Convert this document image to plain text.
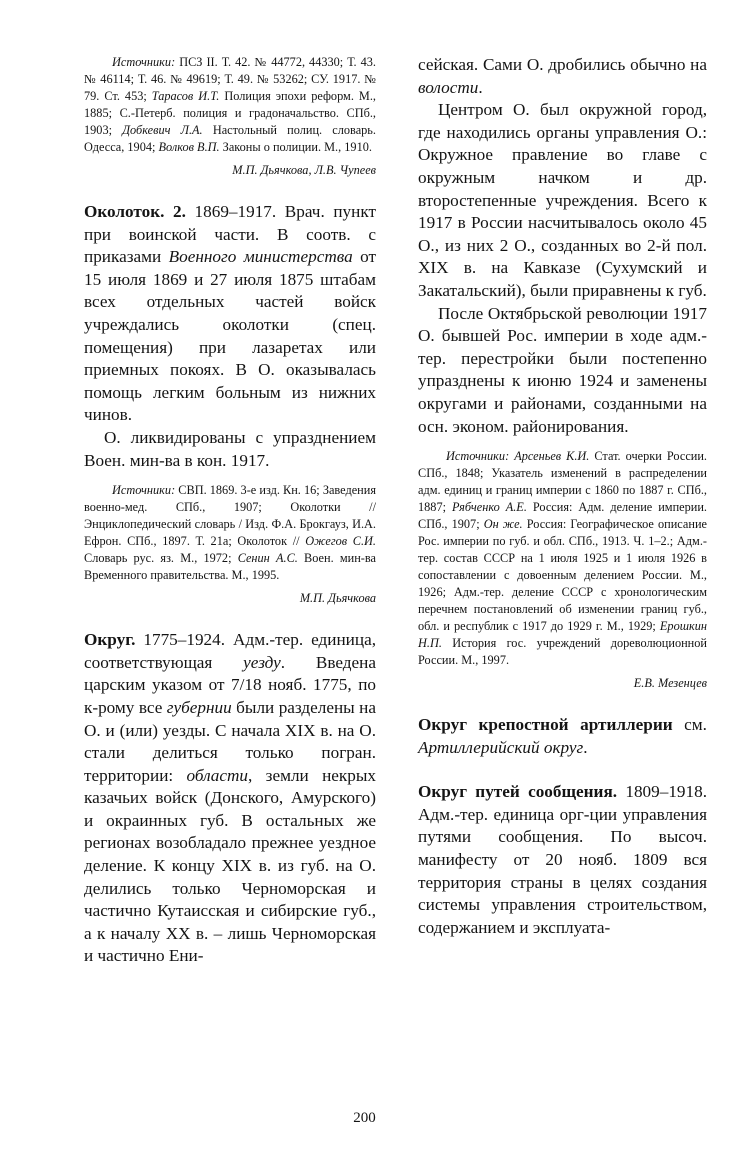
Источники: ПСЗ II. Т. 42. № 44772, 44330; Т. 43. № 46114; Т. 46. № 49619; Т. 49. № 53262; СУ. 1917. № 79. Ст. 453; Тарасов И.Т. Полиция эпохи реформ. М., 1885; С.-Петерб. полиция и градоначальство. СПб., 1903; Добкевич Л.А. Настольный полиц. словарь. Одесса, 1904; Волков В.П. Законы о полиции. М., 1910.

М.П. Дьячкова, Л.В. Чупеев

Околоток. 2. 1869–1917. Врач. пункт при воинской части. В соотв. с приказами Военного министерства от 15 июля 1869 и 27 июля 1875 штабам всех отдельных частей войск учреждались околотки (спец. помещения) при лазаретах или приемных покоях. В О. оказывалась помощь легким больным из нижних чинов.

О. ликвидированы с упразднением Воен. мин-ва в кон. 1917.

Источники: СВП. 1869. 3-е изд. Кн. 16; Заведения военно-мед. СПб., 1907; Околотки // Энциклопедический словарь / Изд. Ф.А. Брокгауз, И.А. Ефрон. СПб., 1897. Т. 21а; Околоток // Ожегов С.И. Словарь рус. яз. М., 1972; Сенин А.С. Воен. мин-ва Временного правительства. М., 1995.

М.П. Дьячкова

Округ. 1775–1924. Адм.-тер. единица, соответствующая уезду. Введена царским указом от 7/18 нояб. 1775, по к-рому все губернии были разделены на О. и (или) уезды. С начала XIX в. на О. стали делиться только погран. территории: области, земли некрых казачьих войск (Донского, Амурского) и окраинных губ. В остальных же регионах возобладало прежнее уездное деление. К концу XIX в. из губ. на О. делились только Черноморская и частично Кутаисская и сибирские губ., а к началу XX в. – лишь Черноморская и частично Ени-

сейская. Сами О. дробились обычно на волости.

Центром О. был окружной город, где находились органы управления О.: Окружное правление во главе с окружным начком и др. второстепенные учреждения. Всего к 1917 в России насчитывалось около 45 О., из них 2 О., созданных во 2-й пол. XIX в. на Кавказе (Сухумский и Закатальский), были приравнены к губ.

После Октябрьской революции 1917 О. бывшей Рос. империи в ходе адм.-тер. перестройки были постепенно упразднены к июню 1924 и заменены округами и районами, созданными на осн. эконом. районирования.

Источники: Арсеньев К.И. Стат. очерки России. СПб., 1848; Указатель изменений в распределении адм. единиц и границ империи с 1860 по 1887 г. СПб., 1887; Рябченко А.Е. Россия: Адм. деление империи. СПб., 1907; Он же. Россия: Географическое описание Рос. империи по губ. и обл. СПб., 1913. Ч. 1–2.; Адм.-тер. состав СССР на 1 июля 1925 и 1 июля 1926 в сопоставлении с довоенным делением России. М., 1926; Адм.-тер. деление СССР с хронологическим перечнем постановлений об изменении границ губ., обл. и республик с 1917 до 1929 г. М., 1929; Ерошкин Н.П. История гос. учреждений дореволюционной России. М., 1997.

Е.В. Мезенцев

Округ крепостной артиллерии см. Артиллерийский округ.

Округ путей сообщения. 1809–1918. Адм.-тер. единица орг-ции управления путями сообщения. По высоч. манифесту от 20 нояб. 1809 вся территория страны в целях создания системы управления строительством, содержанием и эксплуата-

200
